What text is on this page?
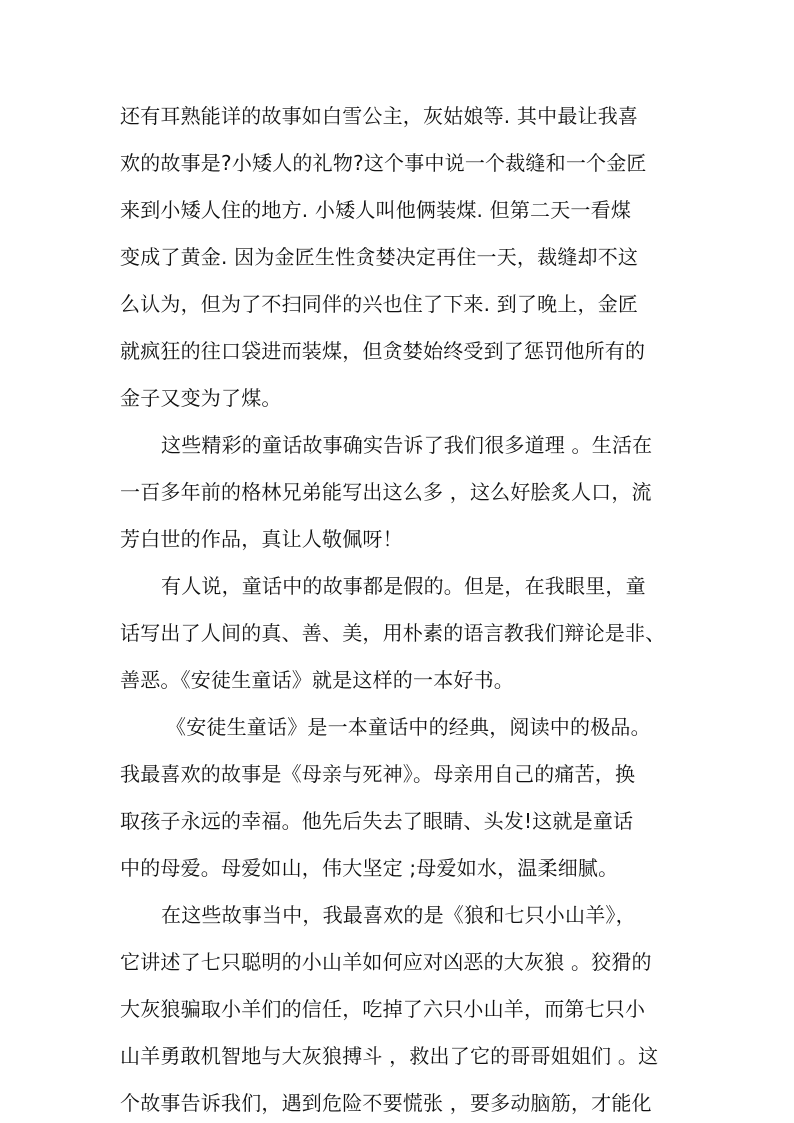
还有耳熟能详的故事如白雪公主，灰姑娘等. 其中最让我喜
欢的故事是?小矮人的礼物?这个事中说一个裁缝和一个金匠
来到小矮人住的地方. 小矮人叫他俩装煤. 但第二天一看煤
变成了黄金. 因为金匠生性贪婪决定再住一天，裁缝却不这
么认为，但为了不扫同伴的兴也住了下来. 到了晚上，金匠
就疯狂的往口袋进而装煤，但贪婪始终受到了惩罚他所有的
金子又变为了煤。
这些精彩的童话故事确实告诉了我们很多道理 。生活在
一百多年前的格林兄弟能写出这么多 ，这么好脍炙人口，流
芳白世的作品，真让人敬佩呀！
有人说，童话中的故事都是假的。但是，在我眼里，童
话写出了人间的真、善、美，用朴素的语言教我们辩论是非、
善恶。《安徒生童话》就是这样的一本好书。
《安徒生童话》是一本童话中的经典，阅读中的极品。
我最喜欢的故事是《母亲与死神》。母亲用自己的痛苦，换
取孩子永远的幸福。他先后失去了眼睛、头发!这就是童话
中的母爱。母爱如山，伟大坚定 ;母爱如水，温柔细腻。
在这些故事当中，我最喜欢的是《狼和七只小山羊》，
它讲述了七只聪明的小山羊如何应对凶恶的大灰狼 。狡猾的
大灰狼骗取小羊们的信任，吃掉了六只小山羊，而第七只小
山羊勇敢机智地与大灰狼搏斗 ，救出了它的哥哥姐姐们 。这
个故事告诉我们，遇到危险不要慌张 ，要多动脑筋，才能化
